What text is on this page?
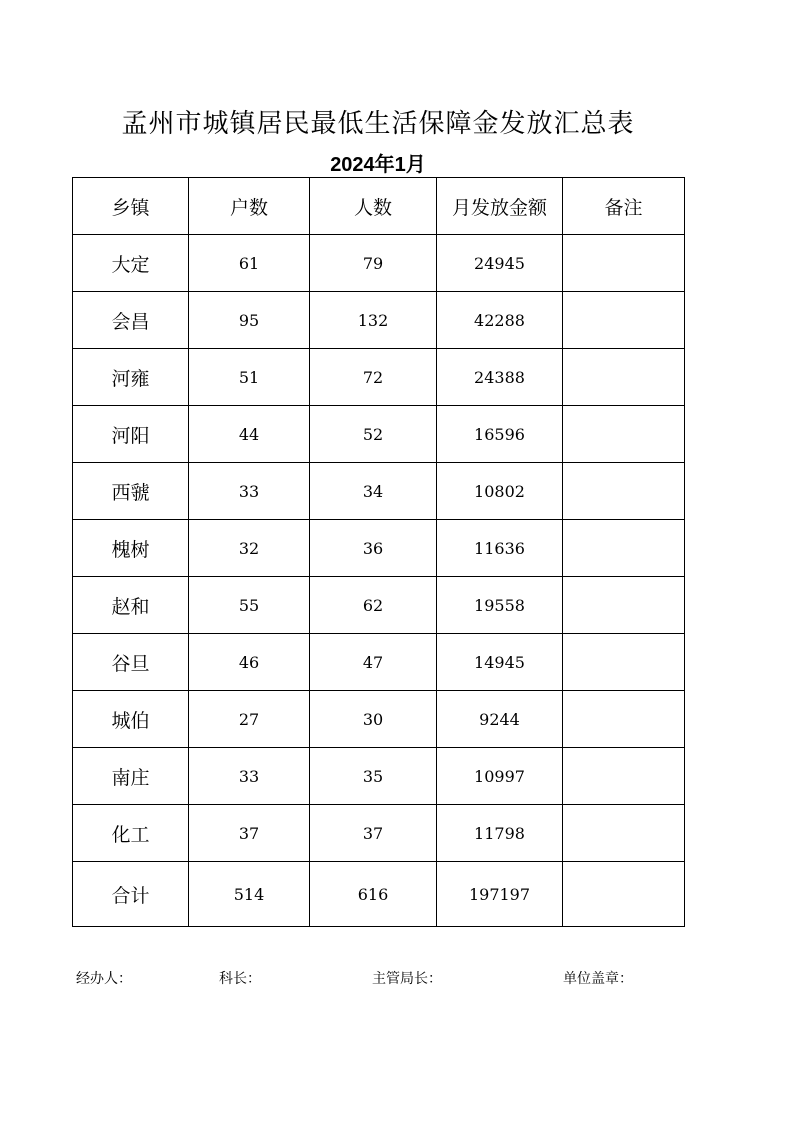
孟州市城镇居民最低生活保障金发放汇总表
2024年1月
乡镇	户数	人数	月发放金额	备注
大定	61	79	24945	
会昌	95	132	42288	
河雍	51	72	24388	
河阳	44	52	16596	
西虢	33	34	10802	
槐树	32	36	11636	
赵和	55	62	19558	
谷旦	46	47	14945	
城伯	27	30	9244	
南庄	33	35	10997	
化工	37	37	11798	
合计	514	616	197197	
经办人：	科长：	主管局长：	单位盖章：
